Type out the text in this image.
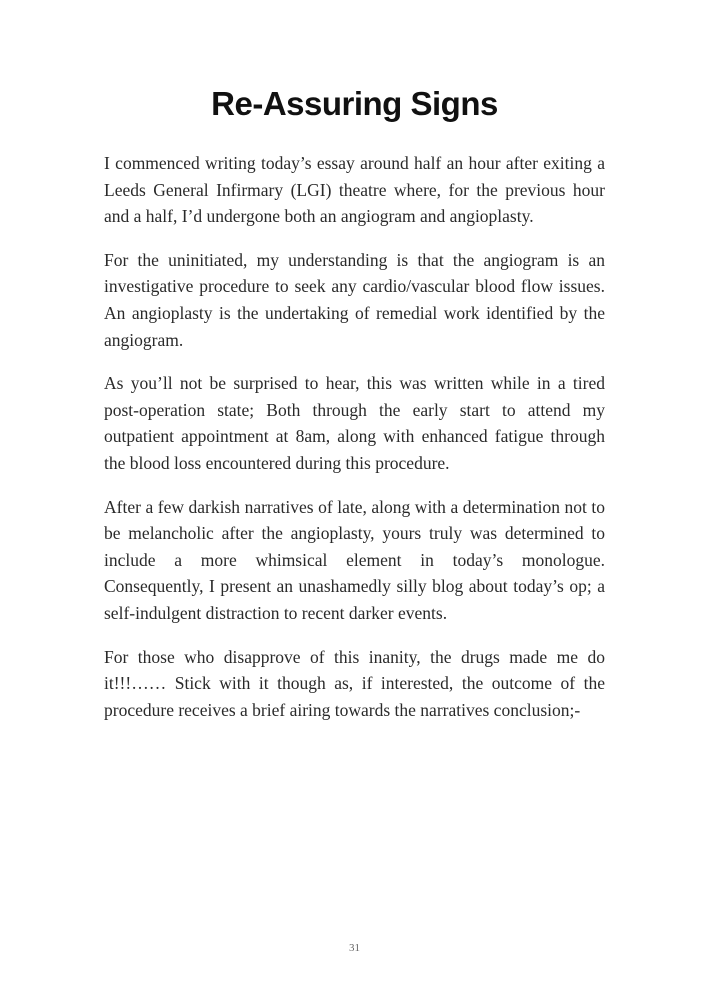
Re-Assuring Signs

I commenced writing today’s essay around half an hour after exiting a Leeds General Infirmary (LGI) theatre where, for the previous hour and a half, I’d undergone both an angiogram and angioplasty.

For the uninitiated, my understanding is that the angiogram is an investigative procedure to seek any cardio/vascular blood flow issues. An angioplasty is the undertaking of remedial work identified by the angiogram.

As you’ll not be surprised to hear, this was written while in a tired post-operation state; Both through the early start to attend my outpatient appointment at 8am, along with enhanced fatigue through the blood loss encountered during this procedure.

After a few darkish narratives of late, along with a determination not to be melancholic after the angioplasty, yours truly was determined to include a more whimsical element in today’s monologue. Consequently, I present an unashamedly silly blog about today’s op; a self-indulgent distraction to recent darker events.

For those who disapprove of this inanity, the drugs made me do it!!!…… Stick with it though as, if interested, the outcome of the procedure receives a brief airing towards the narratives conclusion;-

31
